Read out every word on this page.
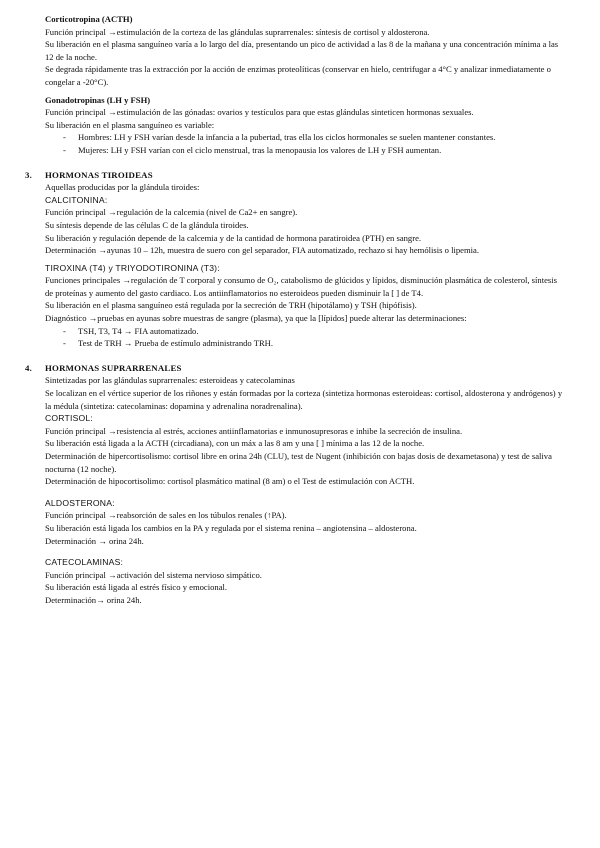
Corticotropina (ACTH)

Función principal →estimulación de la corteza de las glándulas suprarrenales: síntesis de cortisol y aldosterona.

Su liberación en el plasma sanguíneo varía a lo largo del día, presentando un pico de actividad a las 8 de la mañana y una concentración mínima a las 12 de la noche.

Se degrada rápidamente tras la extracción por la acción de enzimas proteolíticas (conservar en hielo, centrifugar a 4°C y analizar inmediatamente o congelar a -20°C).

Gonadotropinas (LH y FSH)

Función principal →estimulación de las gónadas: ovarios y testículos para que estas glándulas sinteticen hormonas sexuales.

Su liberación en el plasma sanguíneo es variable:

- Hombres: LH y FSH varían desde la infancia a la pubertad, tras ella los ciclos hormonales se suelen mantener constantes.
- Mujeres: LH y FSH varían con el ciclo menstrual, tras la menopausia los valores de LH y FSH aumentan.

3. HORMONAS TIROIDEAS

Aquellas producidas por la glándula tiroides:

CALCITONINA:

Función principal →regulación de la calcemia (nivel de Ca2+ en sangre).

Su síntesis depende de las células C de la glándula tiroides.

Su liberación y regulación depende de la calcemia y de la cantidad de hormona paratiroidea (PTH) en sangre.

Determinación →ayunas 10 – 12h, muestra de suero con gel separador, FIA automatizado, rechazo si hay hemólisis o lipemia.

TIROXINA (T4) y TRIYODOTIRONINA (T3):

Funciones principales →regulación de T corporal y consumo de O₂, catabolismo de glúcidos y lípidos, disminución plasmática de colesterol, síntesis de proteínas y aumento del gasto cardiaco. Los antiinflamatorios no esteroideos pueden disminuir la [ ] de T4.

Su liberación en el plasma sanguíneo está regulada por la secreción de TRH (hipotálamo) y TSH (hipófisis).

Diagnóstico →pruebas en ayunas sobre muestras de sangre (plasma), ya que la [lípidos] puede alterar las determinaciones:

- TSH, T3, T4 → FIA automatizado.
- Test de TRH → Prueba de estímulo administrando TRH.

4. HORMONAS SUPRARRENALES

Sintetizadas por las glándulas suprarrenales: esteroideas y catecolaminas

Se localizan en el vértice superior de los riñones y están formadas por la corteza (sintetiza hormonas esteroideas: cortisol, aldosterona y andrógenos) y la médula (sintetiza: catecolaminas: dopamina y adrenalina noradrenalina).

CORTISOL:

Función principal →resistencia al estrés, acciones antiinflamatorias e inmunosupresoras e inhibe la secreción de insulina.

Su liberación está ligada a la ACTH (circadiana), con un máx a las 8 am y una [ ] mínima a las 12 de la noche.

Determinación de hipercortisolismo: cortisol libre en orina 24h (CLU), test de Nugent (inhibición con bajas dosis de dexametasona) y test de saliva nocturna (12 noche).

Determinación de hipocortisolimo: cortisol plasmático matinal (8 am) o el Test de estimulación con ACTH.

ALDOSTERONA:

Función principal →reabsorción de sales en los túbulos renales (↑PA).

Su liberación está ligada los cambios en la PA y regulada por el sistema renina – angiotensina – aldosterona.

Determinación → orina 24h.

CATECOLAMINAS:

Función principal →activación del sistema nervioso simpático.

Su liberación está ligada al estrés físico y emocional.

Determinación→ orina 24h.
